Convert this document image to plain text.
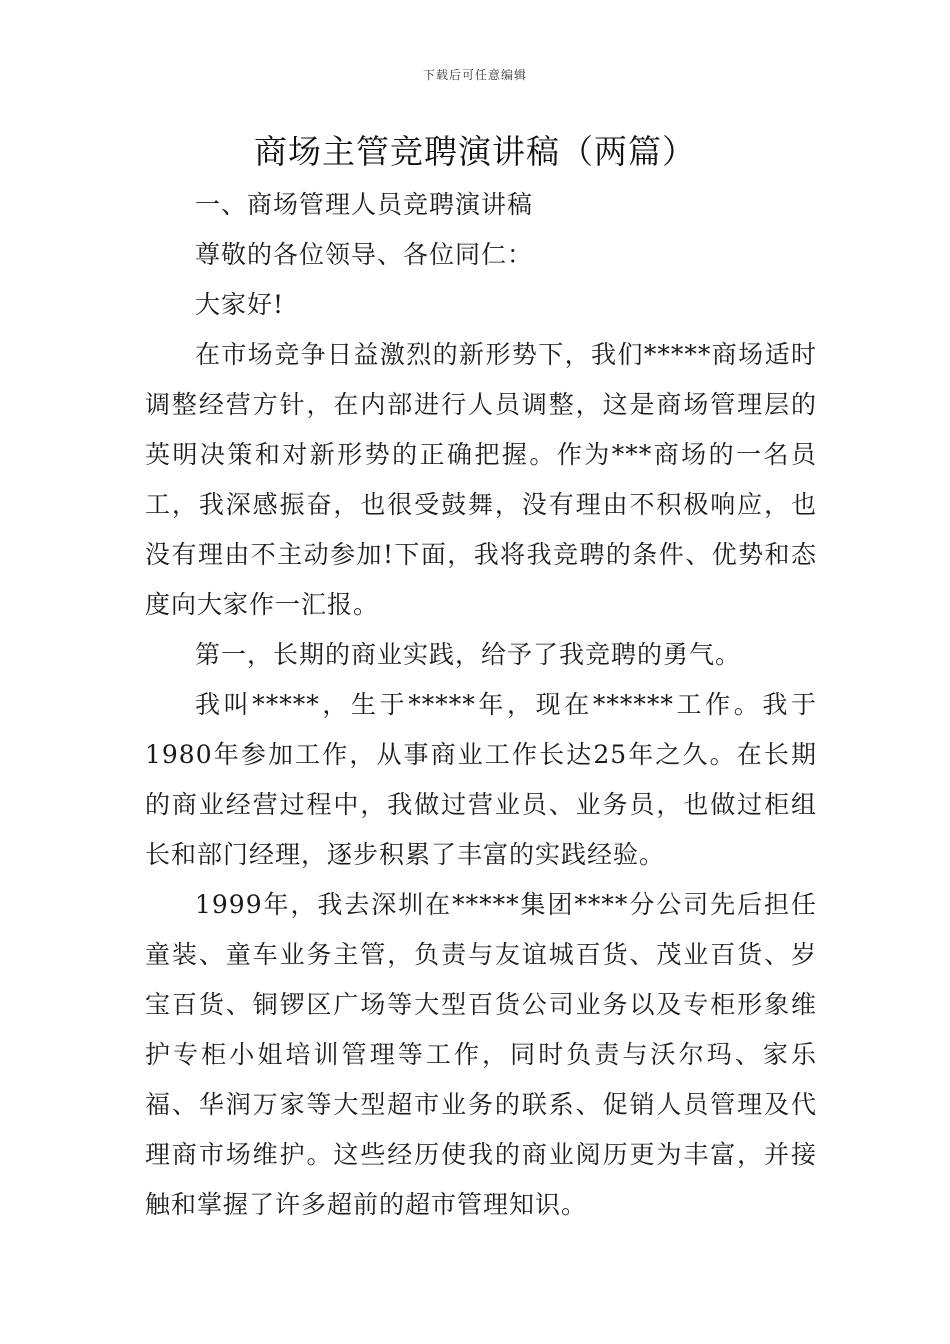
下载后可任意编辑
商场主管竞聘演讲稿（两篇）

一、商场管理人员竞聘演讲稿

尊敬的各位领导、各位同仁：

大家好!

在市场竞争日益激烈的新形势下，我们*****商场适时调整经营方针，在内部进行人员调整，这是商场管理层的英明决策和对新形势的正确把握。作为***商场的一名员工，我深感振奋，也很受鼓舞，没有理由不积极响应，也没有理由不主动参加!下面，我将我竞聘的条件、优势和态度向大家作一汇报。

第一，长期的商业实践，给予了我竞聘的勇气。

我叫*****，生于*****年，现在******工作。我于1980年参加工作，从事商业工作长达25年之久。在长期的商业经营过程中，我做过营业员、业务员，也做过柜组长和部门经理，逐步积累了丰富的实践经验。

1999年，我去深圳在*****集团****分公司先后担任童装、童车业务主管，负责与友谊城百货、茂业百货、岁宝百货、铜锣区广场等大型百货公司业务以及专柜形象维护专柜小姐培训管理等工作，同时负责与沃尔玛、家乐福、华润万家等大型超市业务的联系、促销人员管理及代理商市场维护。这些经历使我的商业阅历更为丰富，并接触和掌握了许多超前的超市管理知识。
